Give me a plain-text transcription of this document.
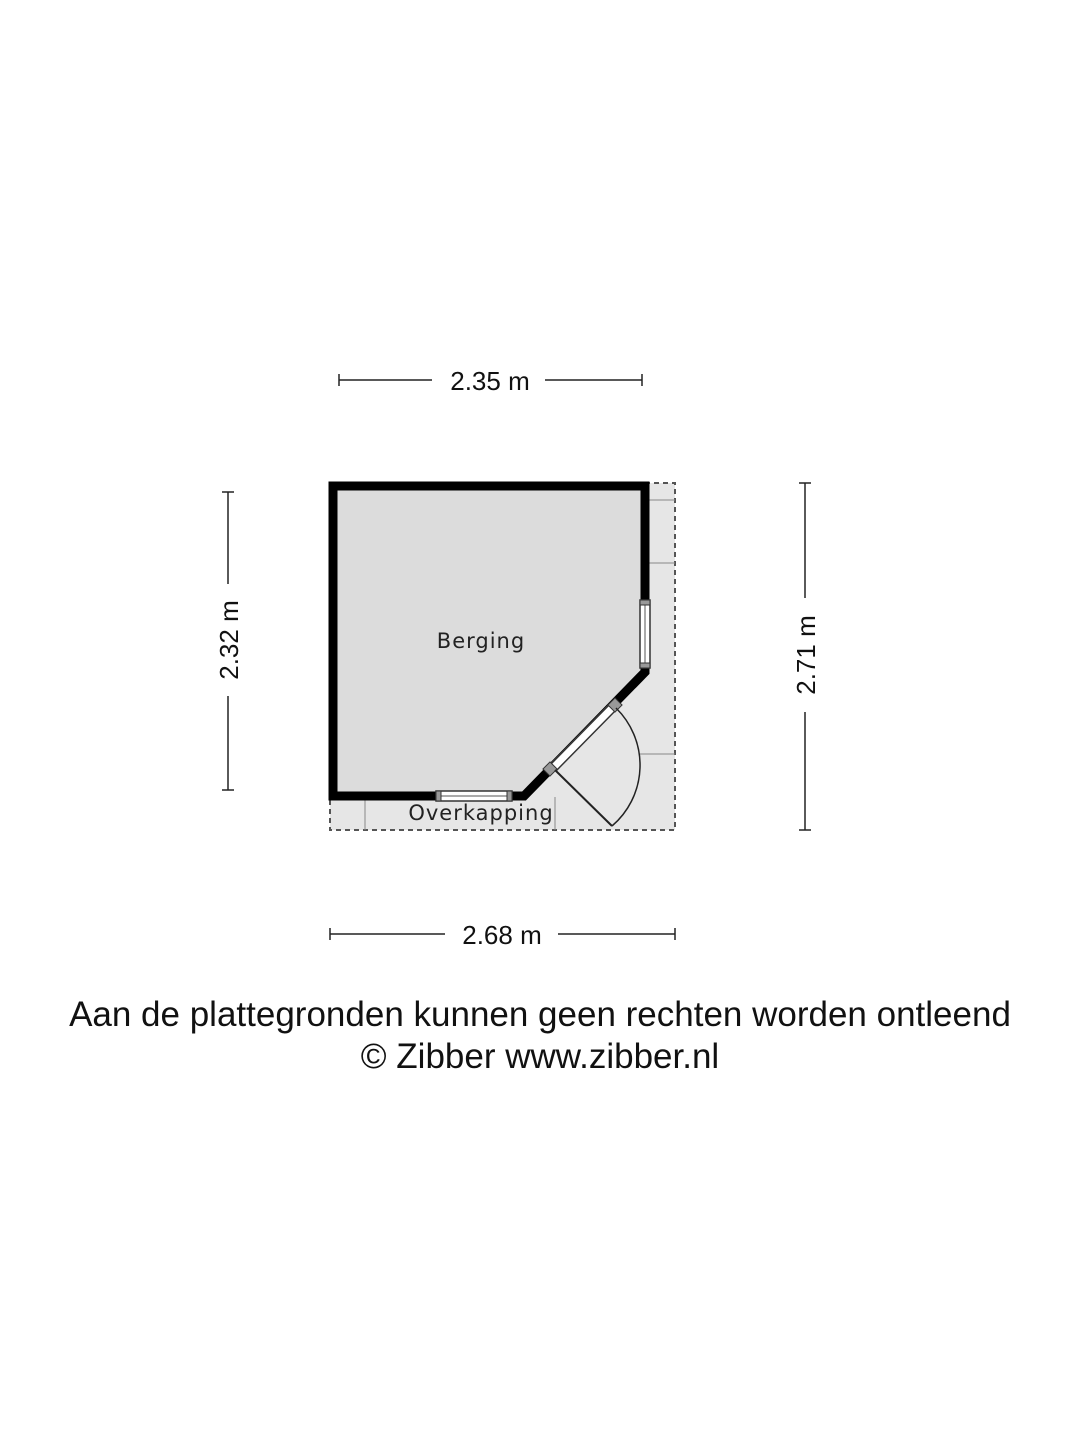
Berging
Overkapping
2.35 m
2.68 m
2.32 m	2.71 m
Aan de plattegronden kunnen geen rechten worden ontleend
© Zibber www.zibber.nl
